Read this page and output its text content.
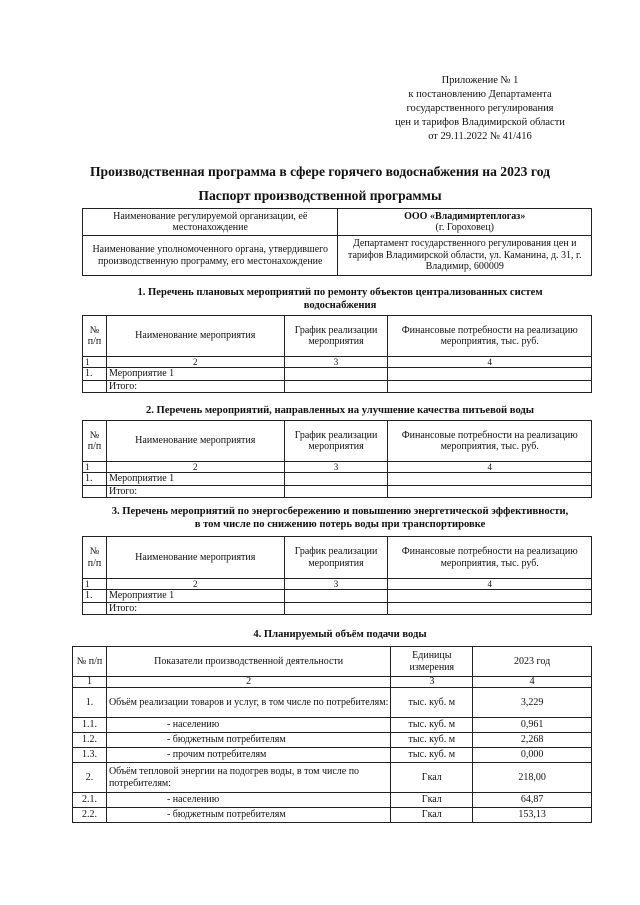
Приложение № 1
к постановлению Департамента
государственного регулирования
цен и тарифов Владимирской области
от 29.11.2022 № 41/416
Производственная программа в сфере горячего водоснабжения на 2023 год
Паспорт производственной программы
Наименование регулируемой организации, её местонахождение	ООО «Владимиртеплогаз»
(г. Гороховец)

Наименование уполномоченного органа, утвердившего производственную программу, его местонахождение	Департамент государственного регулирования цен и тарифов Владимирской области, ул. Каманина, д. 31, г. Владимир, 600009
1. Перечень плановых мероприятий по ремонту объектов централизованных систем водоснабжения
№ п/п	Наименование мероприятия	График реализации мероприятия	Финансовые потребности на реализацию мероприятия, тыс. руб.
1	2	3	4
1.	Мероприятие 1		
	Итого:		
2. Перечень мероприятий, направленных на улучшение качества питьевой воды
№ п/п	Наименование мероприятия	График реализации мероприятия	Финансовые потребности на реализацию мероприятия, тыс. руб.
1	2	3	4
1.	Мероприятие 1		
	Итого:		
3. Перечень мероприятий по энергосбережению и повышению энергетической эффективности, в том числе по снижению потерь воды при транспортировке
№ п/п	Наименование мероприятия	График реализации мероприятия	Финансовые потребности на реализацию мероприятия, тыс. руб.
1	2	3	4
1.	Мероприятие 1		
	Итого:		
4. Планируемый объём подачи воды
№ п/п	Показатели производственной деятельности	Единицы измерения	2023 год
1	2	3	4
1.	Объём реализации товаров и услуг, в том числе по потребителям:	тыс. куб. м	3,229
1.1.	- населению	тыс. куб. м	0,961
1.2.	- бюджетным потребителям	тыс. куб. м	2,268
1.3.	- прочим потребителям	тыс. куб. м	0,000
2.	Объём тепловой энергии на подогрев воды, в том числе по потребителям:	Гкал	218,00
2.1.	- населению	Гкал	64,87
2.2.	- бюджетным потребителям	Гкал	153,13
